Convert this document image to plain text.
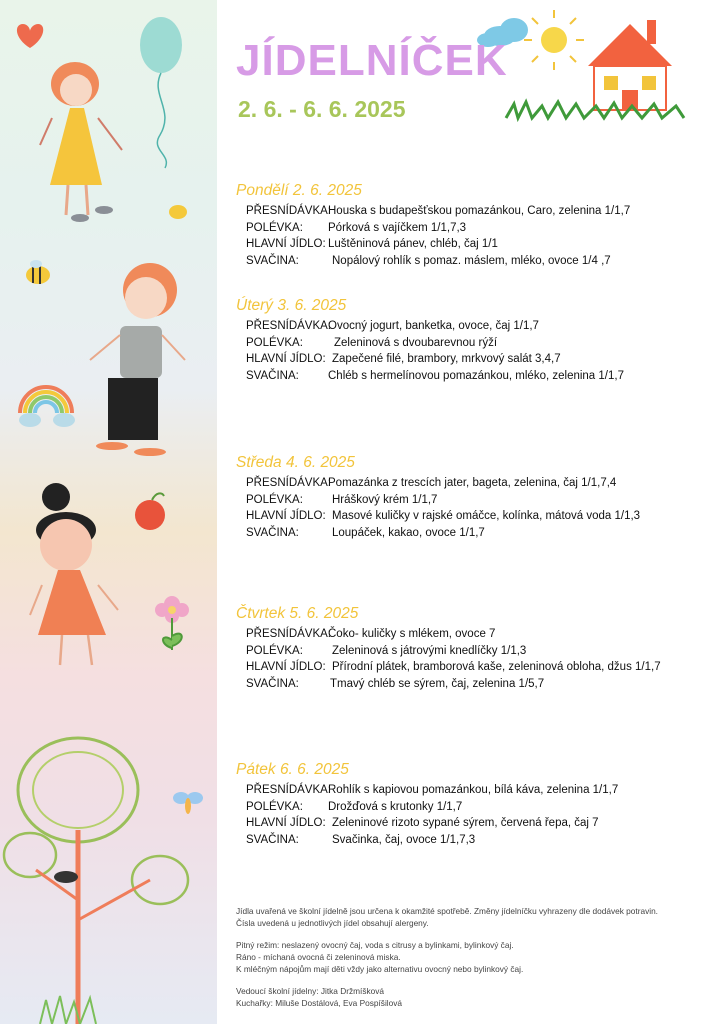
JÍDELNÍČEK
2. 6. - 6. 6. 2025
Pondělí 2. 6. 2025
PŘESNÍDÁVKA:
Houska s budapešťskou pomazánkou, Caro, zelenina 1/1,7
POLÉVKA: Pórková s vajíčkem 1/1,7,3
HLAVNÍ JÍDLO: Luštěninová pánev, chléb, čaj 1/1
SVAČINA:	Nopálový rohlík s pomaz. máslem, mléko, ovoce 1/4 ,7
Úterý 3. 6. 2025
PŘESNÍDÁVKA:
Ovocný jogurt, banketka, ovoce, čaj 1/1,7
POLÉVKA:	Zeleninová s dvoubarevnou rýží
HLAVNÍ JÍDLO: Zapečené filé, brambory, mrkvový salát 3,4,7
SVAČINA:	Chléb s hermelínovou pomazánkou, mléko, zelenina 1/1,7
Středa 4. 6. 2025
PŘESNÍDÁVKA:
Pomazánka z trescích jater, bageta, zelenina, čaj 1/1,7,4
POLÉVKA:	Hráškový krém 1/1,7
HLAVNÍ JÍDLO: Masové kuličky v rajské omáčce, kolínka, mátová voda 1/1,3
SVAČINA:	Loupáček, kakao, ovoce 1/1,7
Čtvrtek 5. 6. 2025
PŘESNÍDÁVKA:
Čoko- kuličky s mlékem, ovoce 7
POLÉVKA:	Zeleninová s játrovými knedlíčky 1/1,3
HLAVNÍ JÍDLO: Přírodní plátek, bramborová kaše, zeleninová obloha, džus 1/1,7
SVAČINA:	Tmavý chléb se sýrem, čaj, zelenina 1/5,7
Pátek 6. 6. 2025
PŘESNÍDÁVKA:
Rohlík s kapiovou pomazánkou, bílá káva, zelenina 1/1,7
POLÉVKA: Drožďová s krutonky 1/1,7
HLAVNÍ JÍDLO: Zeleninové rizoto sypané sýrem, červená řepa, čaj 7
SVAČINA:	Svačinka, čaj, ovoce 1/1,7,3

Jídla uvařená ve školní jídelně jsou určena k okamžité spotřebě. Změny jídelníčku vyhrazeny dle dodávek potravin.

Čísla uvedená u jednotlivých jídel obsahují alergeny.

Pitný režim: neslazený ovocný čaj, voda s citrusy a bylinkami, bylinkový čaj.

Ráno - míchaná ovocná či zeleninová miska.

K mléčným nápojům mají děti vždy jako alternativu ovocný nebo bylinkový čaj.

Vedoucí školní jídelny: Jitka Držmíšková

Kuchařky: Miluše Dostálová, Eva Pospíšilová
